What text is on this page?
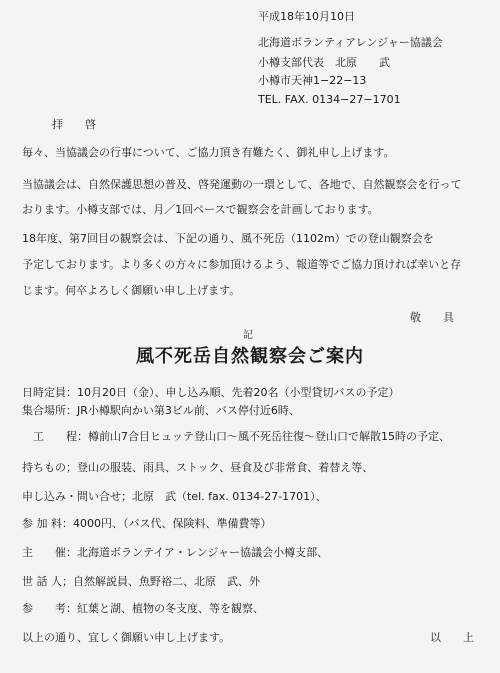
平成18年10月10日
北海道ボランティアレンジャー協議会
小樽支部代表　北原　　武
小樽市天神1−22−13
TEL. FAX. 0134−27−1701
拝　　啓
毎々、当協議会の行事について、ご協力頂き有難たく、御礼申し上げます。
当協議会は、自然保護思想の普及、啓発運動の一環として、各地で、自然観察会を行って
おります。小樽支部では、月／1回ペースで観察会を計画しております。
18年度、第7回目の観察会は、下記の通り、風不死岳（1102m）での登山観察会を
予定しております。より多くの方々に参加頂けるよう、報道等でご協力頂ければ幸いと存
じます。何卒よろしく御願い申し上げます。
敬　　具
記
風不死岳自然観察会ご案内
日時定員：10月20日（金）、申し込み順、先着20名（小型貸切バスの予定）
集合場所：JR小樽駅向かい第3ビル前、バス停付近6時、
　工　　程：樽前山7合目ヒュッテ登山口〜風不死岳往復〜登山口で解散15時の予定、
持ちもの；登山の服装、雨具、ストック、昼食及び非常食、着替え等、
申し込み・問い合せ；北原　武（tel. fax. 0134-27-1701）、
参 加 料：4000円、（バス代、保険料、準備費等）
主　　催：北海道ボランテイア・レンジャー協議会小樽支部、
世 話 人；自然解説員、魚野裕二、北原　武、外
参　　考：紅葉と湖、植物の冬支度、等を観察、
以上の通り、宜しく御願い申し上げます。	以　　上
